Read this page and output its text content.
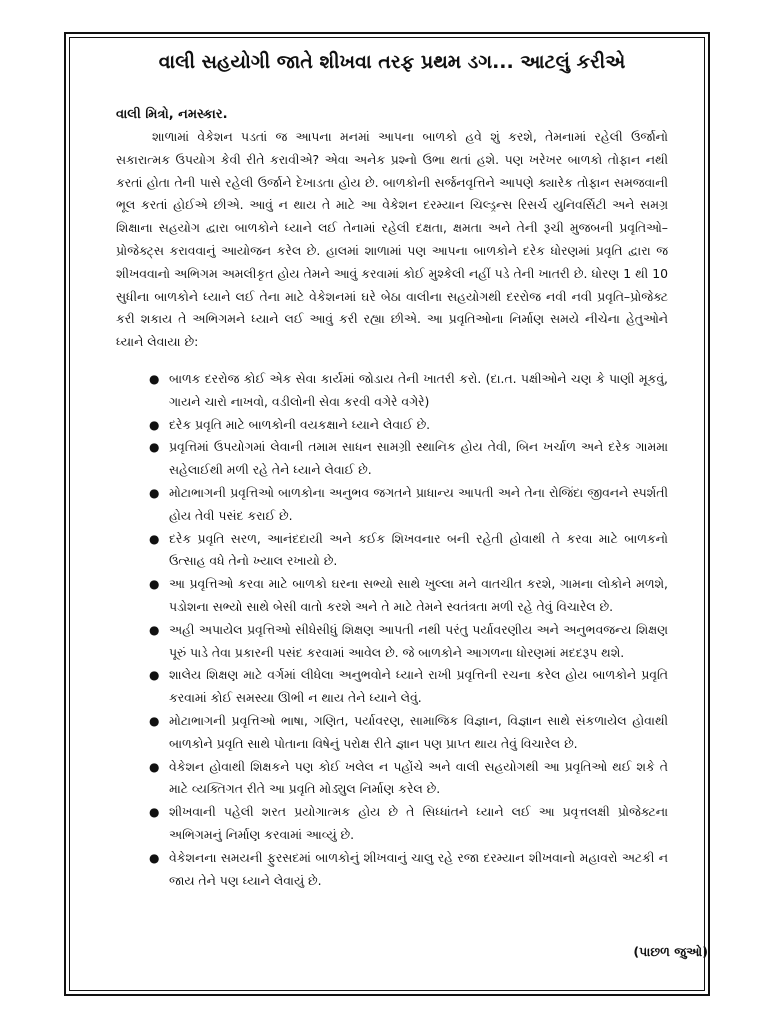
વાલી સહયોગી જાતે શીખવા તરફ પ્રથમ ડગ... આટલું કરીએ

વાલી મિત્રો, નમસ્કાર.

શાળામાં વેકેશન પડતાં જ આપના મનમાં આપના બાળકો હવે શું કરશે, તેમનામાં રહેલી ઉર્જાનો સકારાત્મક ઉપયોગ કેવી રીતે કરાવીએ? એવા અનેક પ્રશ્નો ઉભા થતાં હશે. પણ ખરેખર બાળકો તોફાન નથી કરતાં હોતા તેની પાસે રહેલી ઉર્જાને દેખાડતા હોય છે. બાળકોની સર્જનવૃત્તિને આપણે ક્યારેક તોફાન સમજવાની ભૂલ કરતાં હોઈએ છીએ. આવું ન થાય તે માટે આ વેકેશન દરમ્યાન ચિલ્ડ્રન્સ રિસર્ચ યુનિવર્સિટી અને સમગ્ર શિક્ષાના સહયોગ દ્વારા બાળકોને ધ્યાને લઈ તેનામાં રહેલી દક્ષતા, ક્ષમતા અને તેની રૂચી મુજબની પ્રવૃતિઓ–પ્રોજેક્ટ્સ કરાવવાનું આયોજન કરેલ છે. હાલમાં શાળામાં પણ આપના બાળકોને દરેક ધોરણમાં પ્રવૃતિ દ્વારા જ શીખવવાનો અભિગમ અમલીકૃત હોય તેમને આવું કરવામાં કોઈ મુશ્કેલી નહીં પડે તેની ખાતરી છે. ધોરણ 1 થી 10 સુધીના બાળકોને ધ્યાને લઈ તેના માટે વેકેશનમાં ઘરે બેઠા વાલીના સહયોગથી દરરોજ નવી નવી પ્રવૃતિ–પ્રોજેક્ટ કરી શકાય તે અભિગમને ધ્યાને લઈ આવું કરી રહ્યા છીએ. આ પ્રવૃતિઓના નિર્માણ સમયે નીચેના હેતુઓને ધ્યાને લેવાયા છે:

● બાળક દરરોજ કોઈ એક સેવા કાર્યમાં જોડાય તેની ખાતરી કરો. (દા.ત. પક્ષીઓને ચણ કે પાણી મૂકવું, ગાયને ચારો નાખવો, વડીલોની સેવા કરવી વગેરે વગેરે)
● દરેક પ્રવૃતિ માટે બાળકોની વયકક્ષાને ધ્યાને લેવાઈ છે.
● પ્રવૃત્તિમાં ઉપયોગમાં લેવાની તમામ સાધન સામગ્રી સ્થાનિક હોય તેવી, બિન ખર્ચાળ અને દરેક ગામમા સહેલાઈથી મળી રહે તેને ધ્યાને લેવાઈ છે.
● મોટાભાગની પ્રવૃત્તિઓ બાળકોના અનુભવ જગતને પ્રાધાન્ય આપતી અને તેના રોજિંદા જીવનને સ્પર્શતી હોય તેવી પસંદ કરાઈ છે.
● દરેક પ્રવૃતિ સરળ, આનંદદાયી અને કઈક શિખવનાર બની રહેતી હોવાથી તે કરવા માટે બાળકનો ઉત્સાહ વધે તેનો ખ્યાલ રખાયો છે.
● આ પ્રવૃત્તિઓ કરવા માટે બાળકો ઘરના સભ્યો સાથે ખુલ્લા મને વાતચીત કરશે, ગામના લોકોને મળશે, પડોશના સભ્યો સાથે બેસી વાતો કરશે અને તે માટે તેમને સ્વતંત્રતા મળી રહે તેવું વિચારેલ છે.
● અહી અપાયેલ પ્રવૃત્તિઓ સીધેસીધું શિક્ષણ આપતી નથી પરંતુ પર્યાવરણીય અને અનુભવજન્ય શિક્ષણ પૂરું પાડે તેવા પ્રકારની પસંદ કરવામાં આવેલ છે. જે બાળકોને આગળના ધોરણમાં મદદરૂપ થશે.
● શાલેય શિક્ષણ માટે વર્ગમાં લીધેલા અનુભવોને ધ્યાને રાખી પ્રવૃત્તિની રચના કરેલ હોય બાળકોને પ્રવૃતિ કરવામાં કોઈ સમસ્યા ઊભી ન થાય તેને ધ્યાને લેવું.
● મોટાભાગની પ્રવૃત્તિઓ ભાષા, ગણિત, પર્યાવરણ, સામાજિક વિજ્ઞાન, વિજ્ઞાન સાથે સંકળાયેલ હોવાથી બાળકોને પ્રવૃતિ સાથે પોતાના વિષેનું પરોક્ષ રીતે જ્ઞાન પણ પ્રાપ્ત થાય તેવું વિચારેલ છે.
● વેકેશન હોવાથી શિક્ષકને પણ કોઈ ખલેલ ન પહોંચે અને વાલી સહયોગથી આ પ્રવૃતિઓ થઈ શકે તે માટે વ્યક્તિગત રીતે આ પ્રવૃતિ મોડ્યુલ નિર્માણ કરેલ છે.
● શીખવાની પહેલી શરત પ્રયોગાત્મક હોય છે તે સિધ્ધાંતને ધ્યાને લઈ આ પ્રવૃત્તલક્ષી પ્રોજેક્ટના અભિગમનું નિર્માણ કરવામાં આવ્યું છે.
● વેકેશનના સમયની ફુરસદમાં બાળકોનું શીખવાનું ચાલુ રહે રજા દરમ્યાન શીખવાનો મહાવરો અટકી ન જાય તેને પણ ધ્યાને લેવાયું છે.
(પાછળ જુઓ)
